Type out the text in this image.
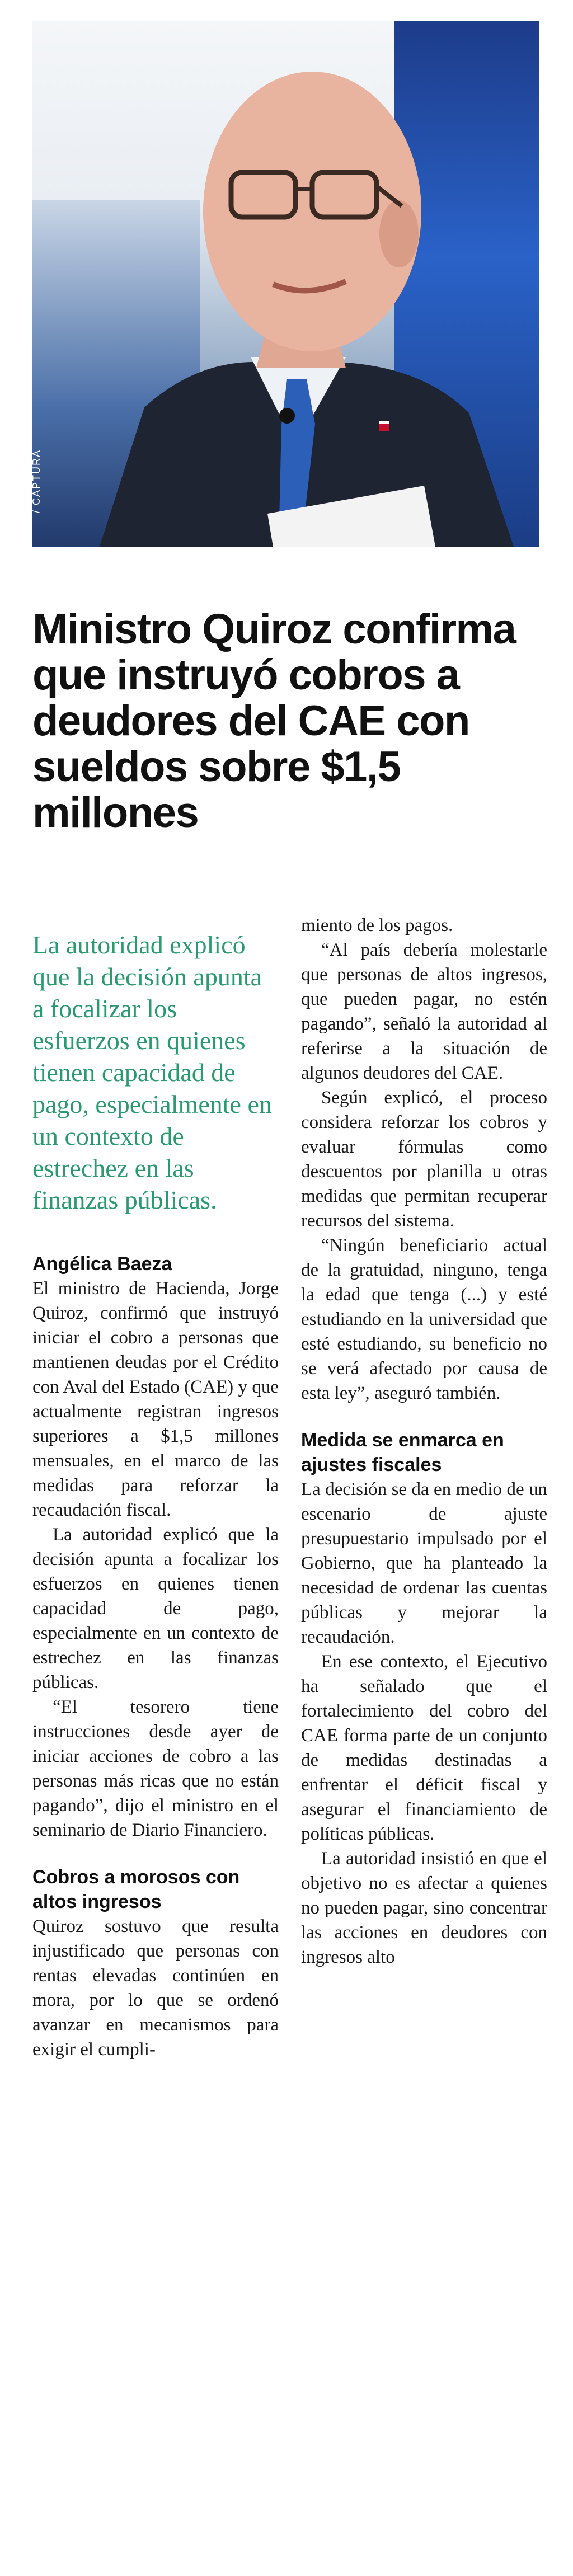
/ CAPTURA
Ministro Quiroz confirma que instruyó cobros a deudores del CAE con sueldos sobre $1,5 millones

La autoridad explicó que la decisión apunta a focalizar los esfuerzos en quienes tienen capacidad de pago, especialmente en un contexto de estrechez en las finanzas públicas.

Angélica Baeza

El ministro de Hacienda, Jorge Quiroz, confirmó que instruyó iniciar el cobro a personas que mantienen deudas por el Crédito con Aval del Estado (CAE) y que actualmente registran ingresos superiores a $1,5 millones mensuales, en el marco de las medidas para reforzar la recaudación fiscal.

La autoridad explicó que la decisión apunta a focalizar los esfuerzos en quienes tienen capacidad de pago, especialmente en un contexto de estrechez en las finanzas públicas.

“El tesorero tiene instrucciones desde ayer de iniciar acciones de cobro a las personas más ricas que no están pagando”, dijo el ministro en el seminario de Diario Financiero.

Cobros a morosos con altos ingresos

Quiroz sostuvo que resulta injustificado que personas con rentas elevadas continúen en mora, por lo que se ordenó avanzar en mecanismos para exigir el cumpli-

miento de los pagos.

“Al país debería molestarle que personas de altos ingresos, que pueden pagar, no estén pagando”, señaló la autoridad al referirse a la situación de algunos deudores del CAE.

Según explicó, el proceso considera reforzar los cobros y evaluar fórmulas como descuentos por planilla u otras medidas que permitan recuperar recursos del sistema.

“Ningún beneficiario actual de la gratuidad, ninguno, tenga la edad que tenga (...) y esté estudiando en la universidad que esté estudiando, su beneficio no se verá afectado por causa de esta ley”, aseguró también.

Medida se enmarca en ajustes fiscales

La decisión se da en medio de un escenario de ajuste presupuestario impulsado por el Gobierno, que ha planteado la necesidad de ordenar las cuentas públicas y mejorar la recaudación.

En ese contexto, el Ejecutivo ha señalado que el fortalecimiento del cobro del CAE forma parte de un conjunto de medidas destinadas a enfrentar el déficit fiscal y asegurar el financiamiento de políticas públicas.

La autoridad insistió en que el objetivo no es afectar a quienes no pueden pagar, sino concentrar las acciones en deudores con ingresos alto
